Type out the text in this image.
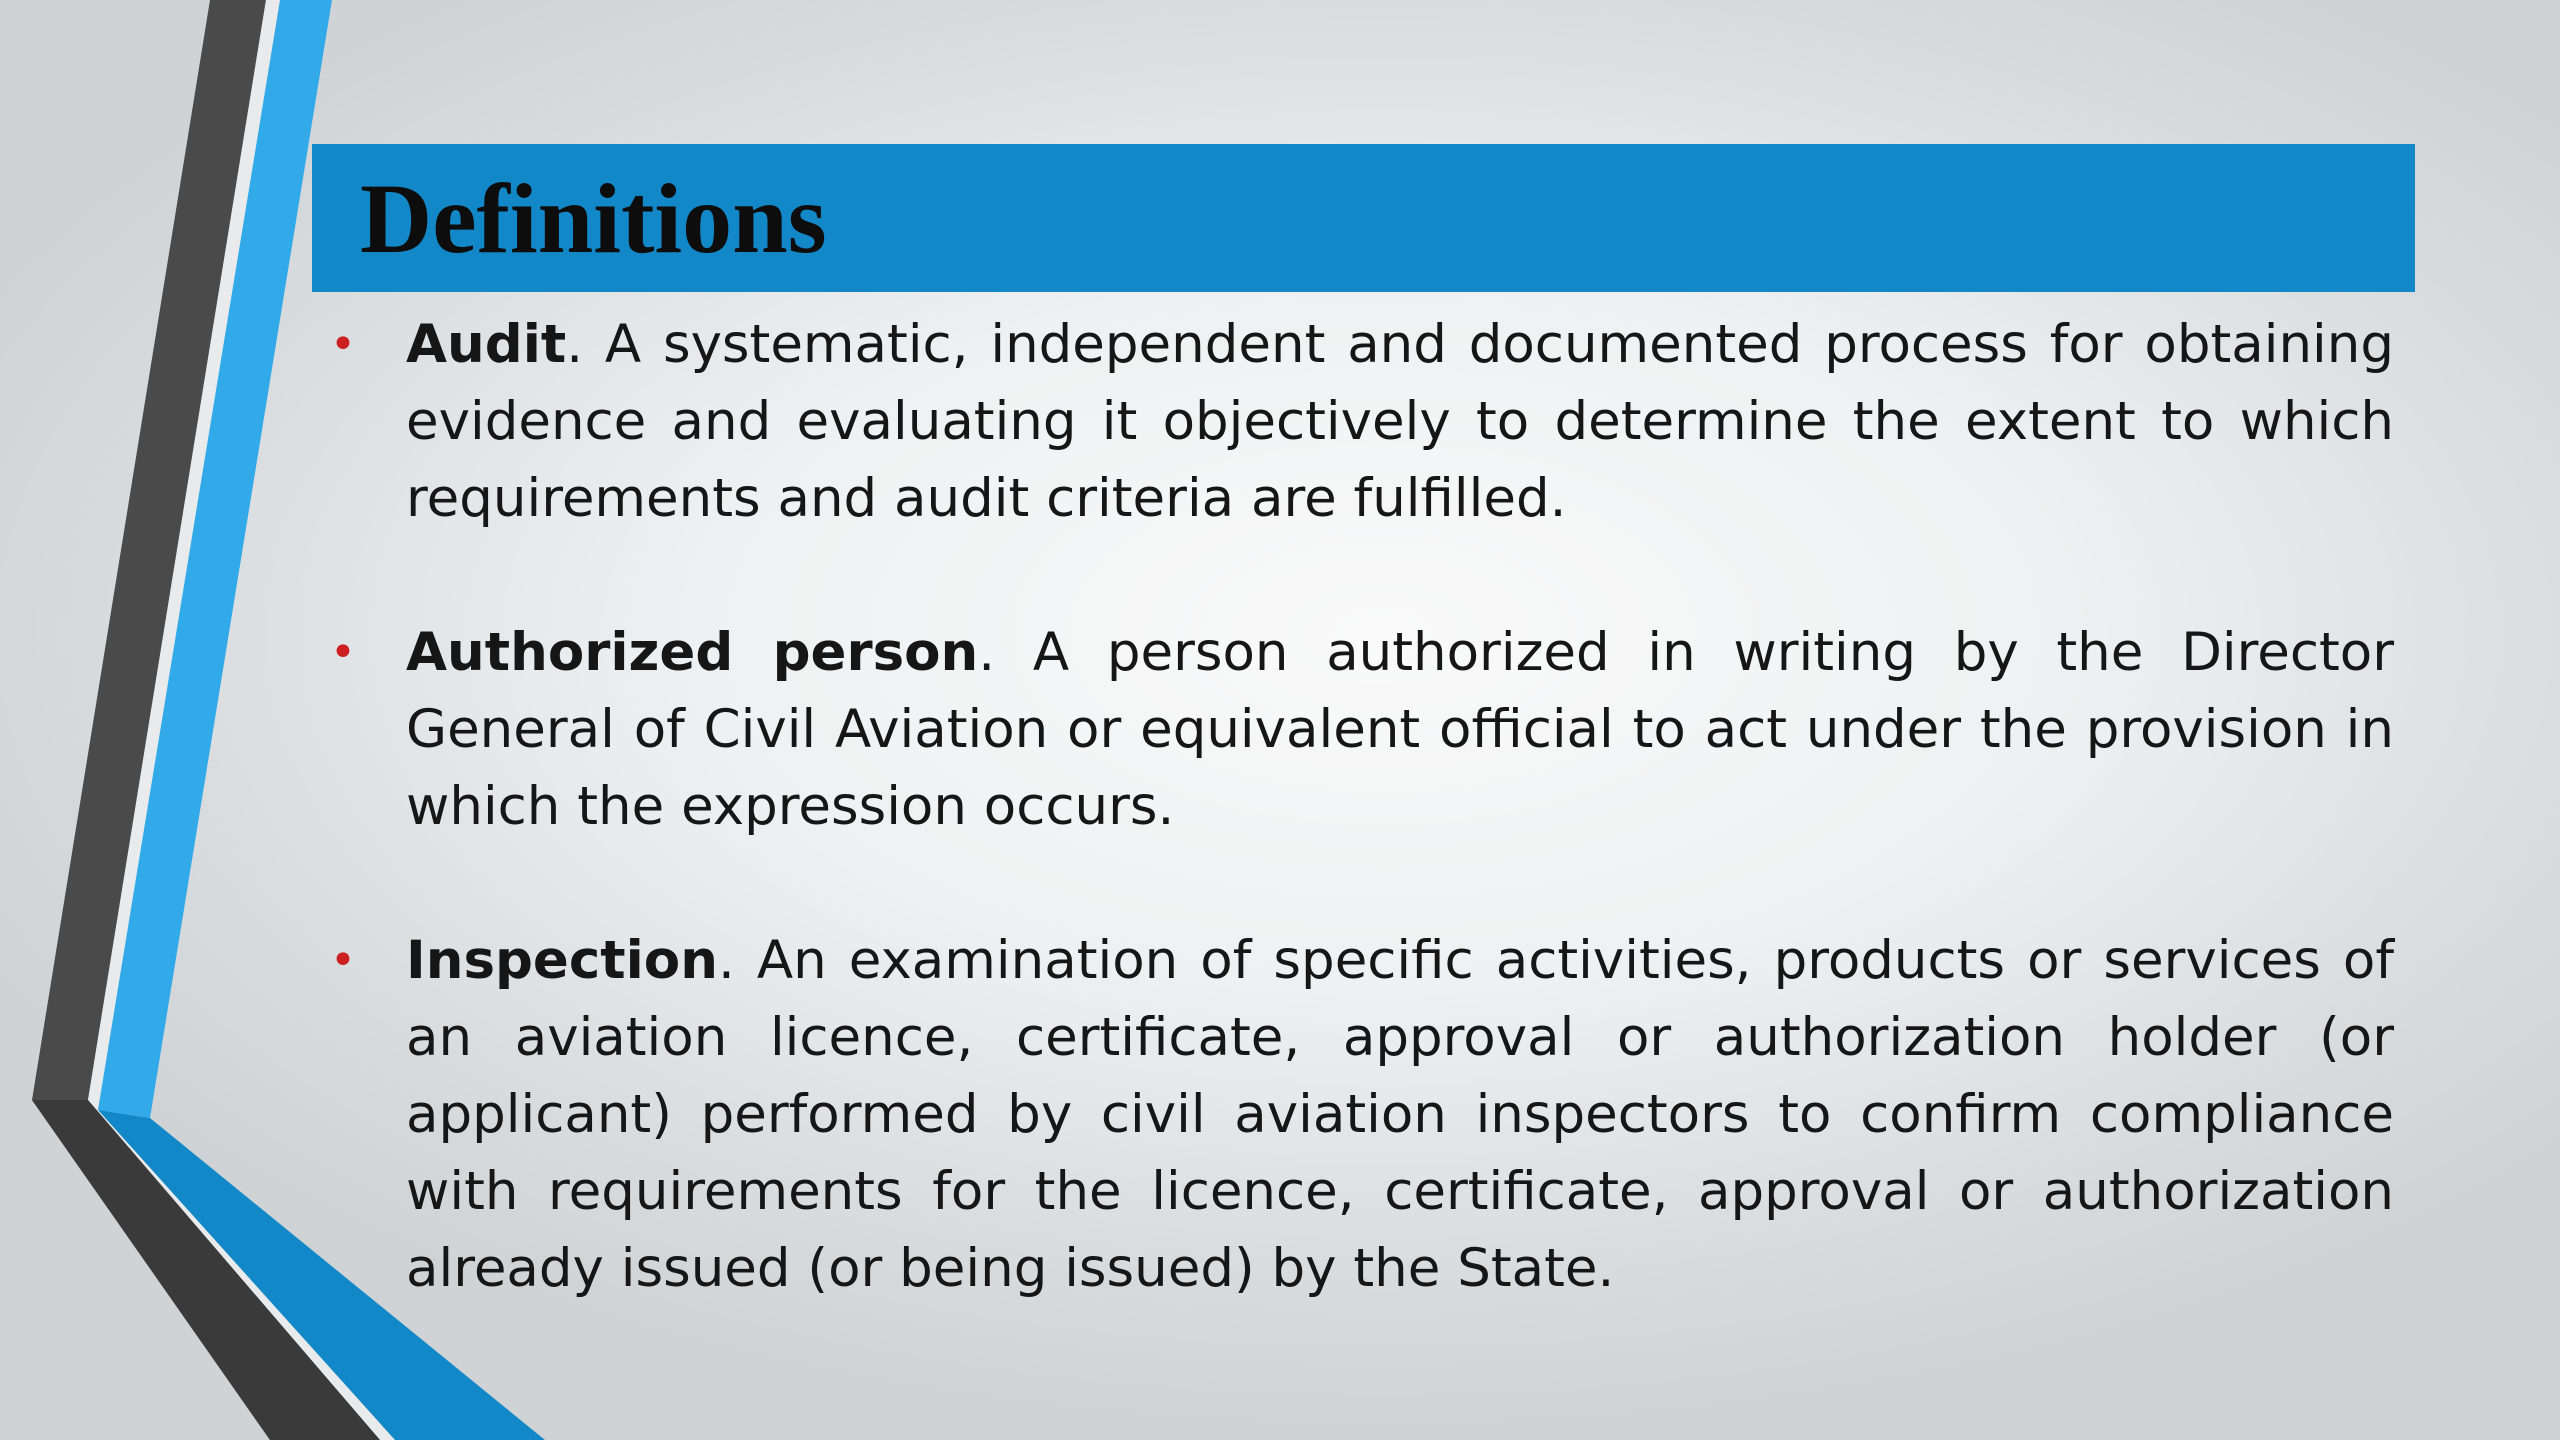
Definitions
• Audit. A systematic, independent and documented process for obtaining evidence and evaluating it objectively to determine the extent to which requirements and audit criteria are fulfilled.
• Authorized person. A person authorized in writing by the Director General of Civil Aviation or equivalent official to act under the provision in which the expression occurs.
• Inspection. An examination of specific activities, products or services of an aviation licence, certificate, approval or authorization holder (or applicant) performed by civil aviation inspectors to confirm compliance with requirements for the licence, certificate, approval or authorization already issued (or being issued) by the State.
